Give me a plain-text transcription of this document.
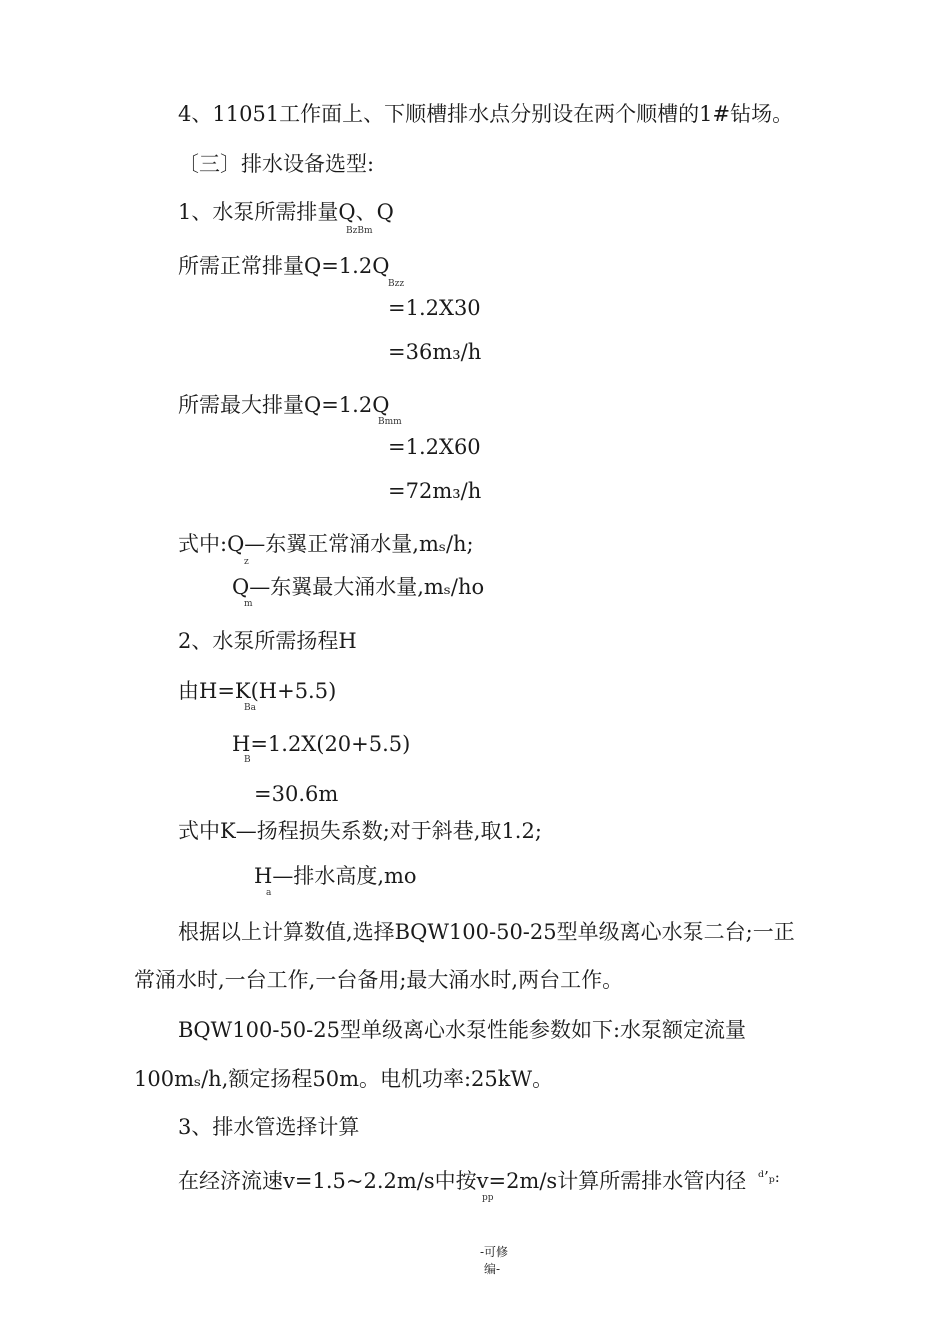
4、11051工作面上、下顺槽排水点分别设在两个顺槽的1#钻场。
〔三〕排水设备选型:
1、水泵所需排量Q、Q
BzBm
所需正常排量Q=1.2Q
Bzz
=1.2X30
=36m₃/h
所需最大排量Q=1.2Q
Bmm
=1.2X60
=72m₃/h
式中:Q—东翼正常涌水量,mₛ/h;
z
Q—东翼最大涌水量,mₛ/ho
m
2、水泵所需扬程H
由H=K(H+5.5)
Ba
H=1.2X(20+5.5)
B
=30.6m
式中K—扬程损失系数;对于斜巷,取1.2;
H—排水高度,mo
a
根据以上计算数值,选择BQW100-50-25型单级离心水泵二台;一正
常涌水时,一台工作,一台备用;最大涌水时,两台工作。
BQW100-50-25型单级离心水泵性能参数如下:水泵额定流量
100mₛ/h,额定扬程50m。电机功率:25kW。
3、排水管选择计算
在经济流速v=1.5~2.2m/s中按v=2m/s计算所需排水管内径
pp
ᵈ’ₚ:
-可修
编-
